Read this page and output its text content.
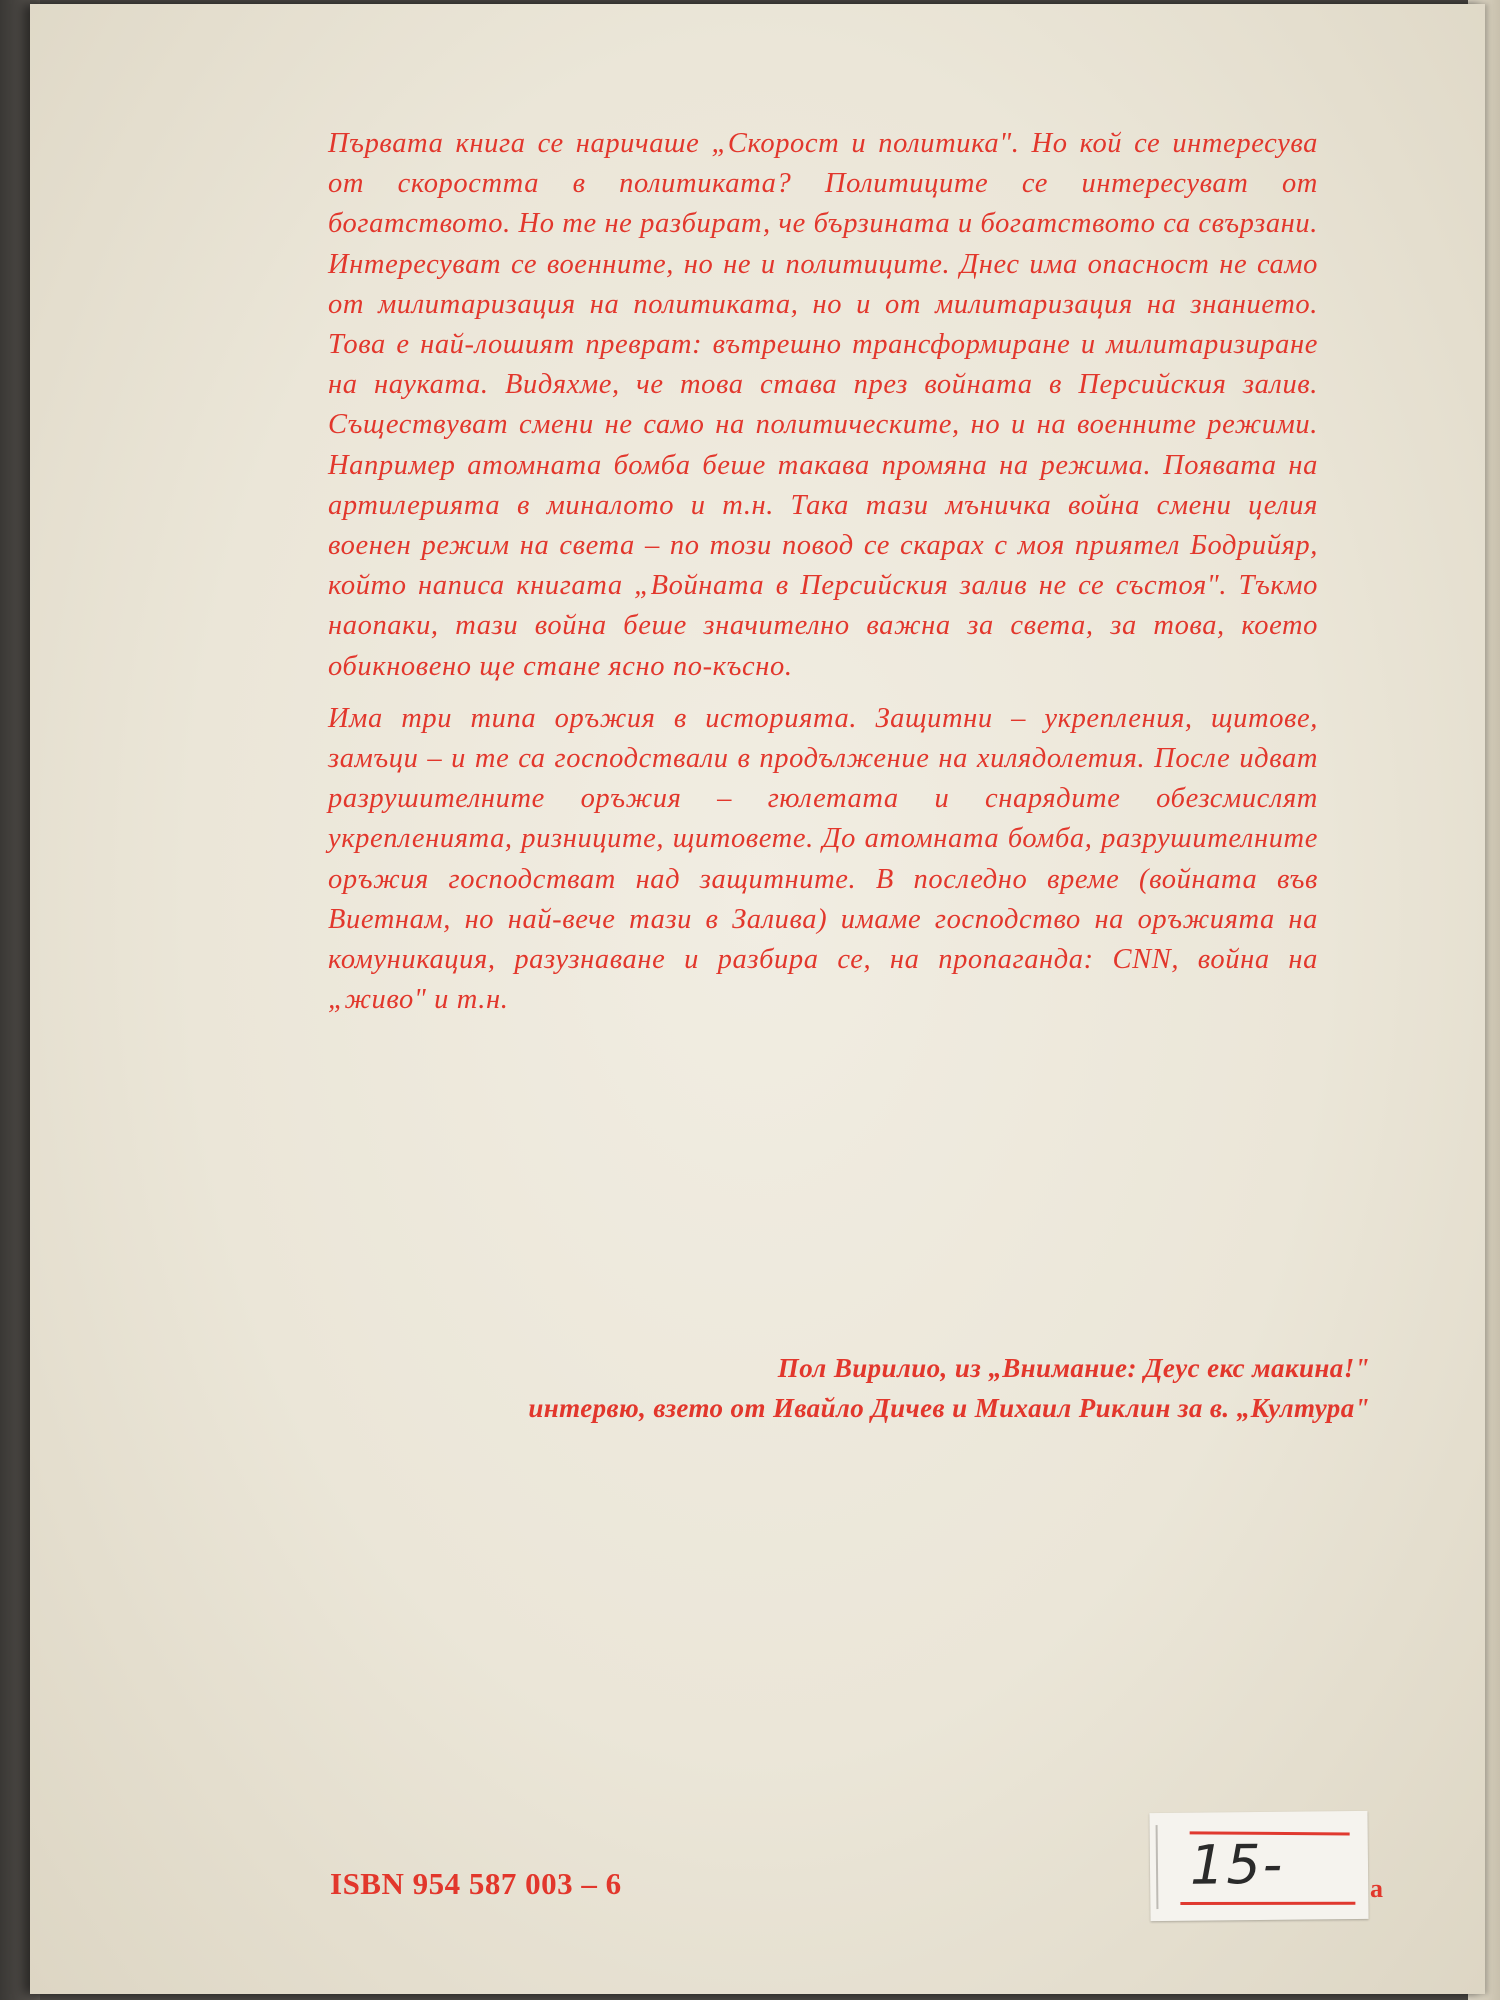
Първата книга се наричаше „Скорост и политика". Но кой се интересува от скоростта в политиката? Политиците се интересуват от богатството. Но те не разбират, че бързината и богатството са свързани. Интересуват се военните, но не и политиците. Днес има опасност не само от милитаризация на политиката, но и от милитаризация на знанието. Това е най-лошият преврат: вътрешно трансформиране и милитаризиране на науката. Видяхме, че това става през войната в Персийския залив. Съществуват смени не само на политическите, но и на военните режими. Например атомната бомба беше такава промяна на режима. Появата на артилерията в миналото и т.н. Така тази мъничка война смени целия военен режим на света – по този повод се скарах с моя приятел Бодрийяр, който написа книгата „Войната в Персийския залив не се състоя". Тъкмо наопаки, тази война беше значително важна за света, за това, което обикновено ще стане ясно по-късно.

Има три типа оръжия в историята. Защитни – укрепления, щитове, замъци – и те са господствали в продължение на хилядолетия. После идват разрушителните оръжия – гюлетата и снарядите обезсмислят укрепленията, ризниците, щитовете. До атомната бомба, разрушителните оръжия господстват над защитните. В последно време (войната във Виетнам, но най-вече тази в Залива) имаме господство на оръжията на комуникация, разузнаване и разбира се, на пропаганда: CNN, война на „живо" и т.н.

Пол Вирилио, из „Внимание: Деус екс макина!"
интервю, взето от Ивайло Дичев и Михаил Риклин за в. „Култура"
ISBN 954 587 003 – 6	15-	а
